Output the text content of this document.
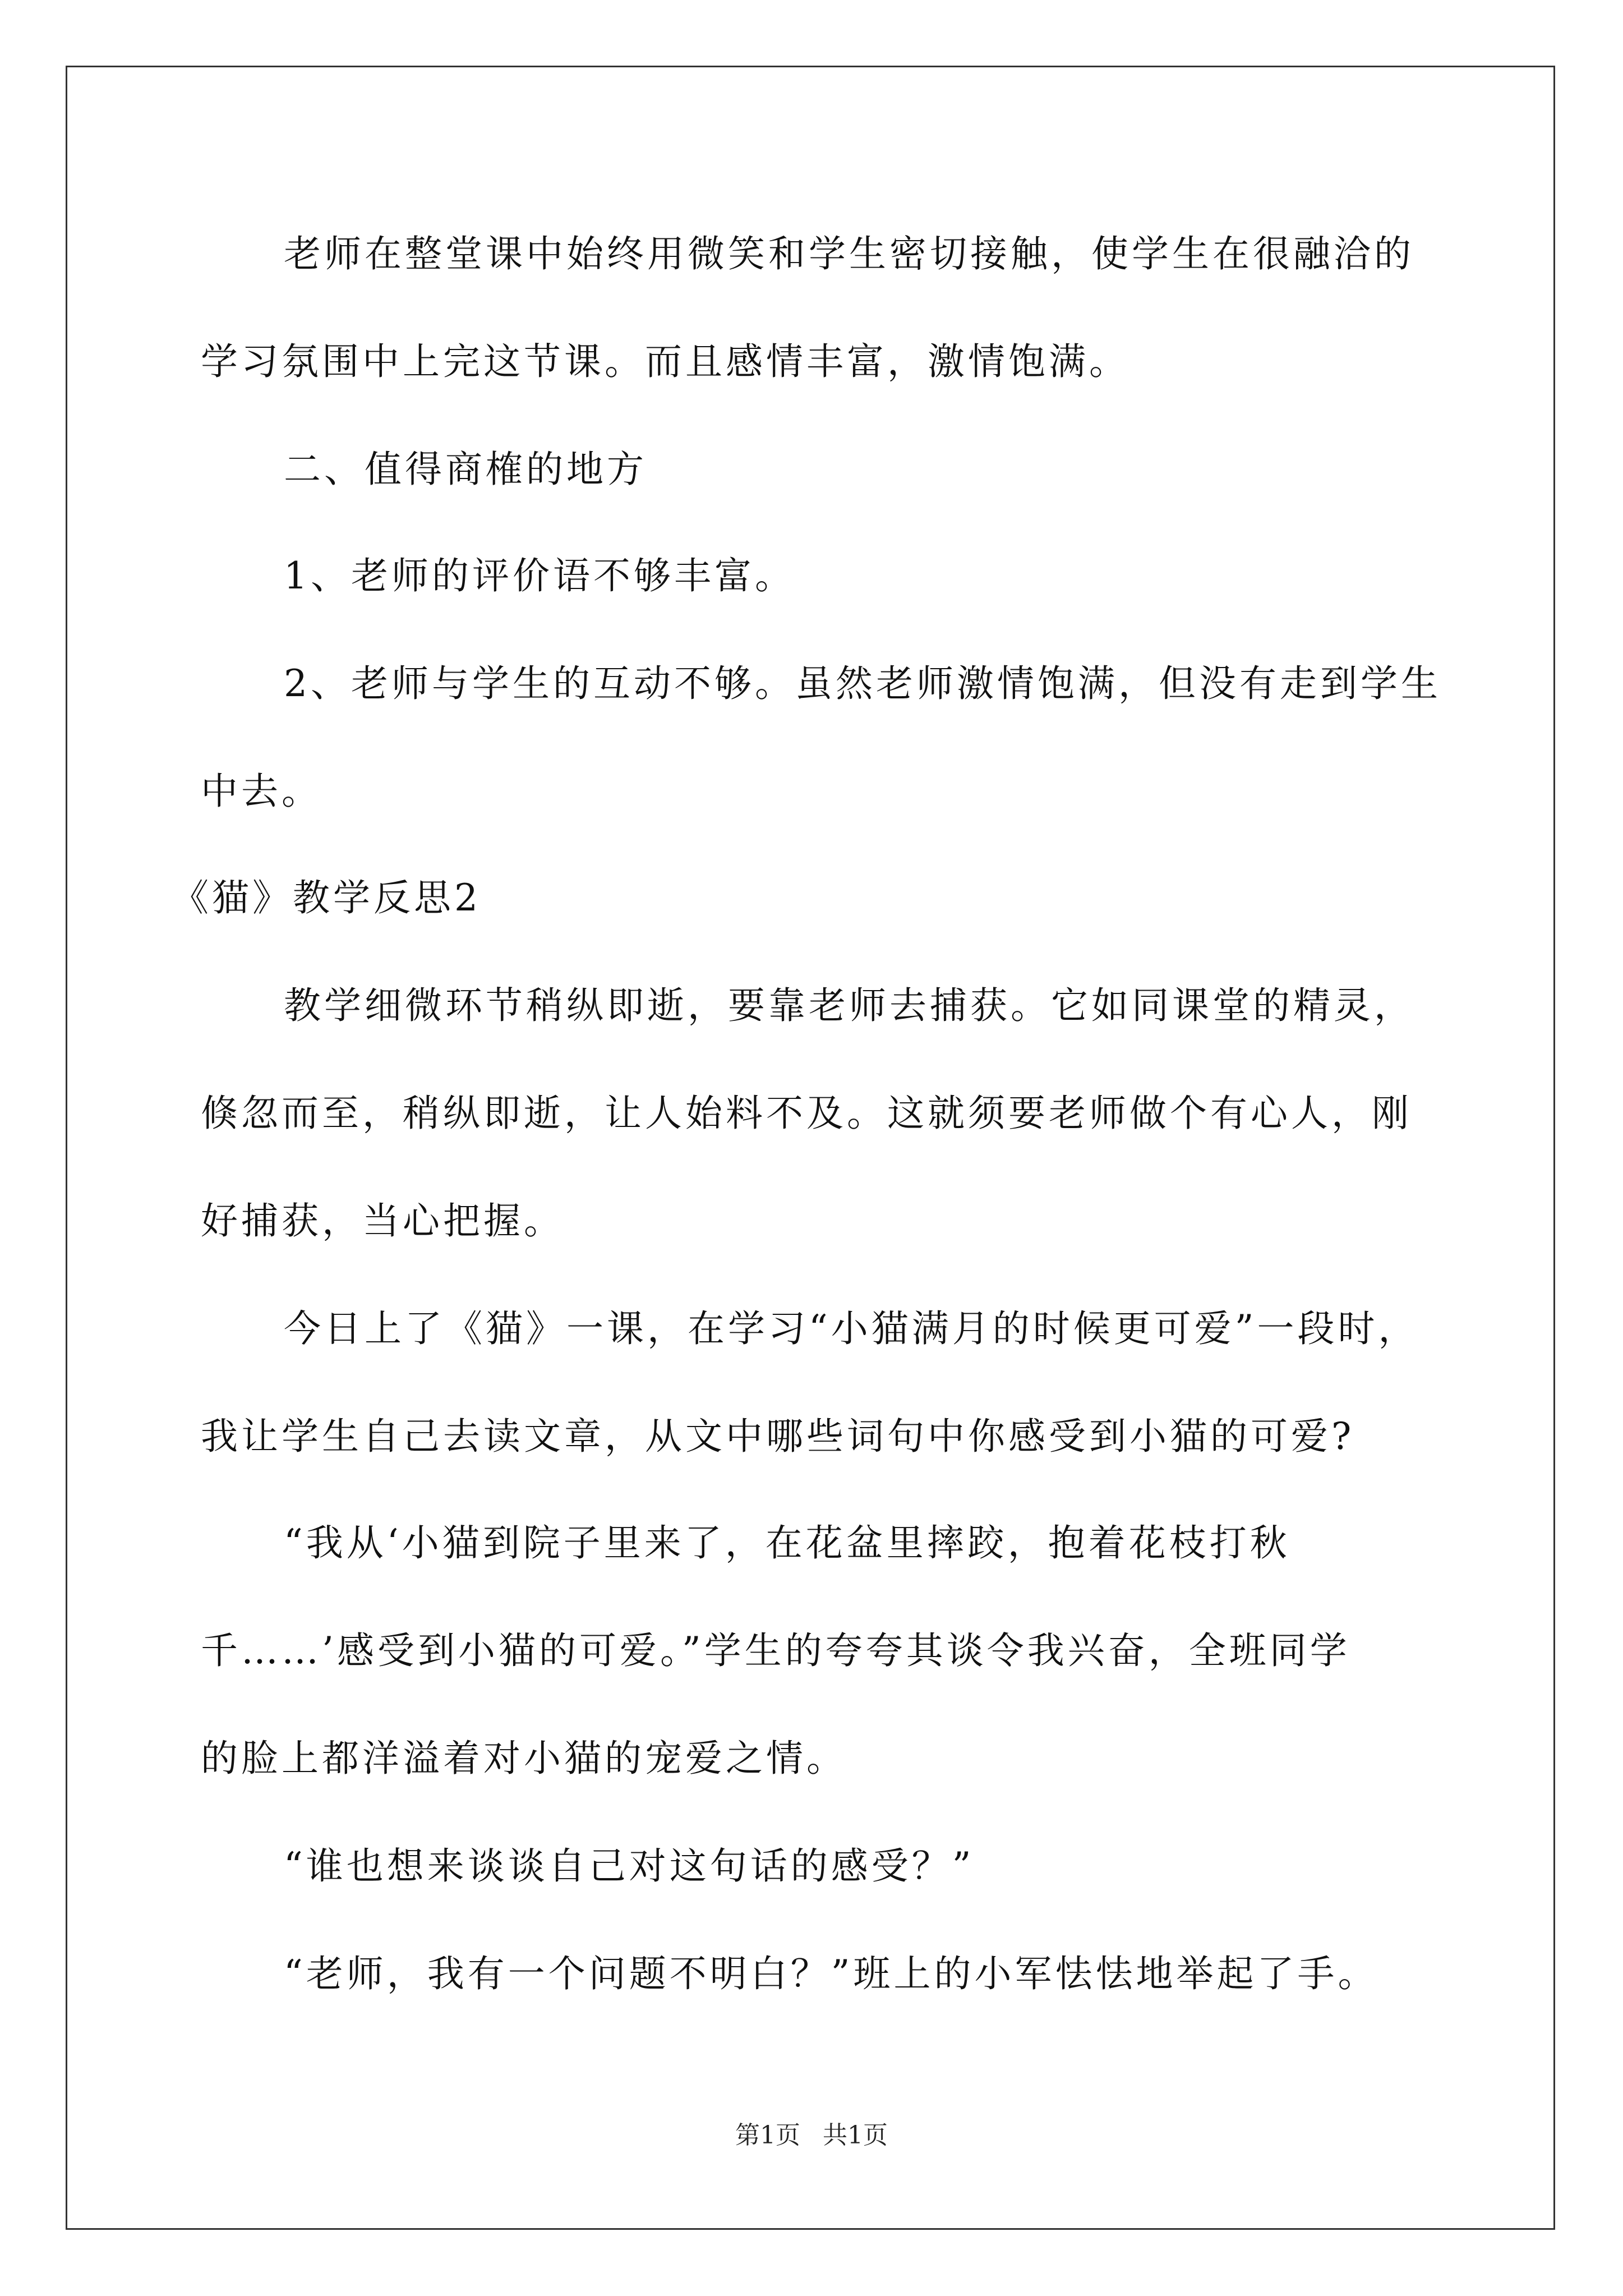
老师在整堂课中始终用微笑和学生密切接触，使学生在很融洽的
学习氛围中上完这节课。而且感情丰富，激情饱满。
二、值得商榷的地方
1、老师的评价语不够丰富。
2、老师与学生的互动不够。虽然老师激情饱满，但没有走到学生
中去。
《猫》教学反思2
教学细微环节稍纵即逝，要靠老师去捕获。它如同课堂的精灵，
倏忽而至，稍纵即逝，让人始料不及。这就须要老师做个有心人，刚
好捕获，当心把握。
今日上了《猫》一课，在学习“小猫满月的时候更可爱”一段时，
我让学生自己去读文章，从文中哪些词句中你感受到小猫的可爱?
“我从‘小猫到院子里来了，在花盆里摔跤，抱着花枝打秋
千……’感受到小猫的可爱。”学生的夸夸其谈令我兴奋，全班同学
的脸上都洋溢着对小猫的宠爱之情。
“谁也想来谈谈自己对这句话的感受？”
“老师，我有一个问题不明白？”班上的小军怯怯地举起了手。
第1页 共1页
